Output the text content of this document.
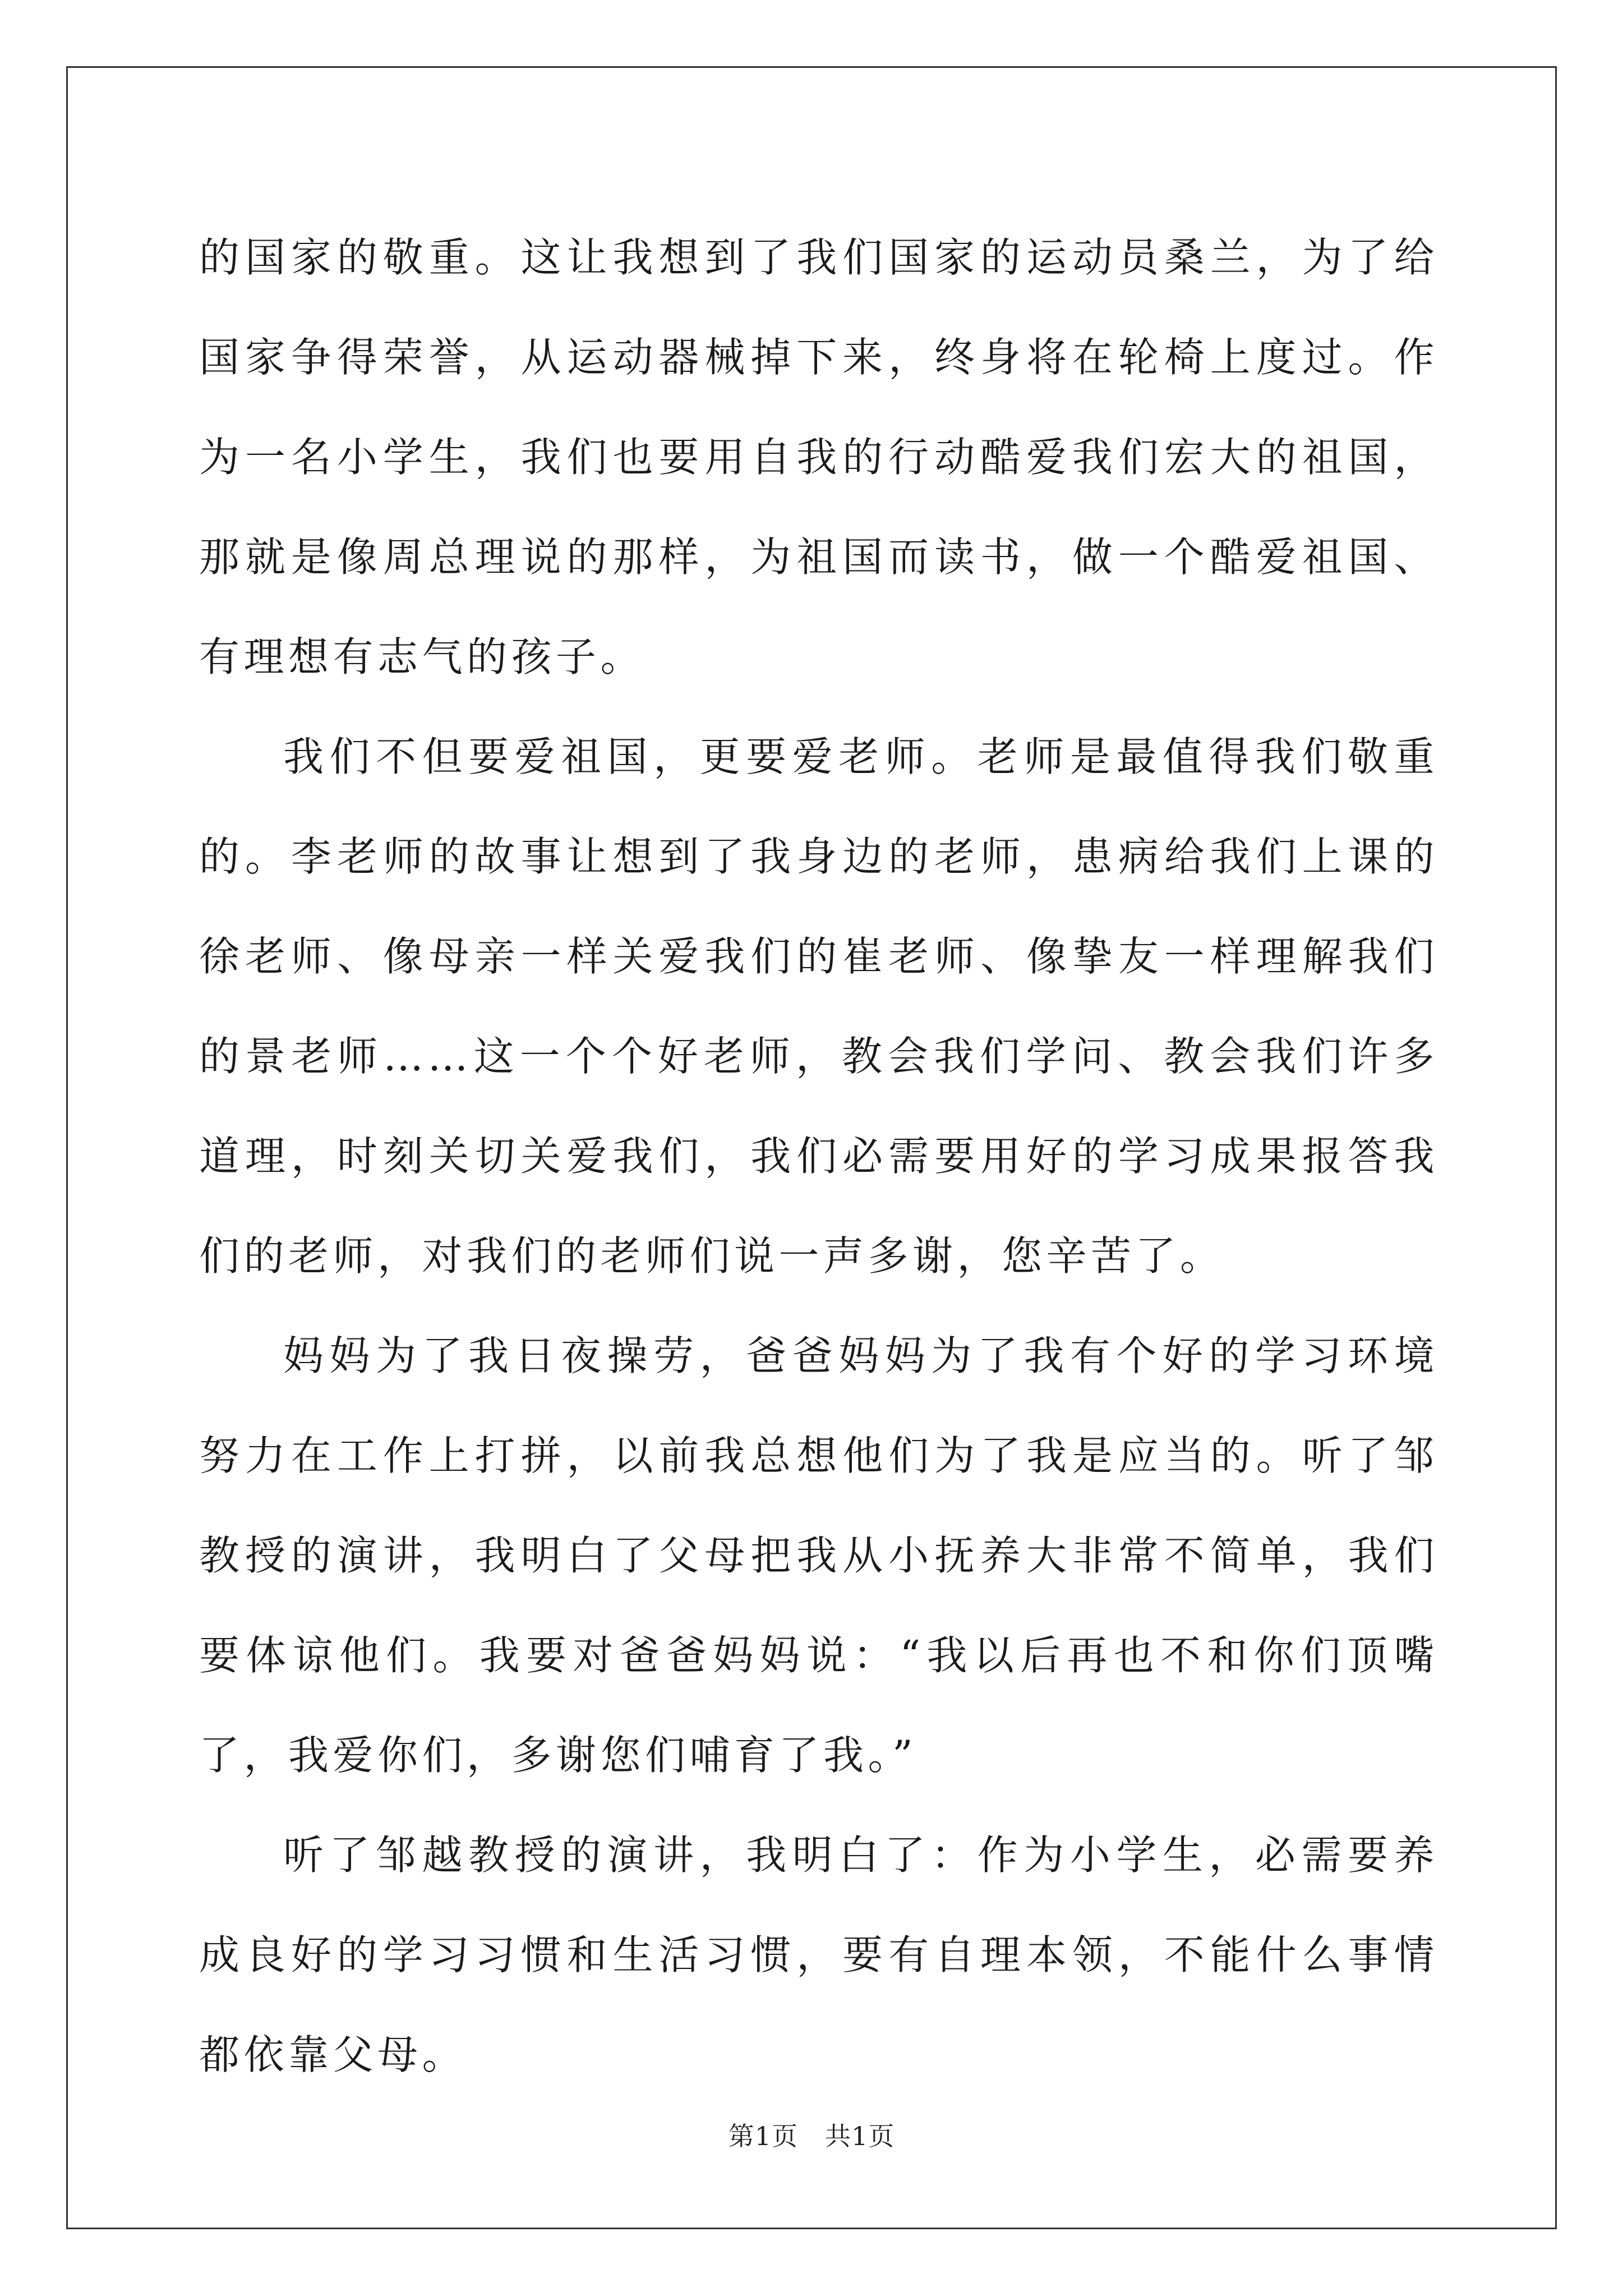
的国家的敬重。这让我想到了我们国家的运动员桑兰，为了给国家争得荣誉，从运动器械掉下来，终身将在轮椅上度过。作为一名小学生，我们也要用自我的行动酷爱我们宏大的祖国，那就是像周总理说的那样，为祖国而读书，做一个酷爱祖国、有理想有志气的孩子。

我们不但要爱祖国，更要爱老师。老师是最值得我们敬重的。李老师的故事让想到了我身边的老师，患病给我们上课的徐老师、像母亲一样关爱我们的崔老师、像挚友一样理解我们的景老师……这一个个好老师，教会我们学问、教会我们许多道理，时刻关切关爱我们，我们必需要用好的学习成果报答我们的老师，对我们的老师们说一声多谢，您辛苦了。

妈妈为了我日夜操劳，爸爸妈妈为了我有个好的学习环境努力在工作上打拼，以前我总想他们为了我是应当的。听了邹教授的演讲，我明白了父母把我从小抚养大非常不简单，我们要体谅他们。我要对爸爸妈妈说：“我以后再也不和你们顶嘴了，我爱你们，多谢您们哺育了我。”

听了邹越教授的演讲，我明白了：作为小学生，必需要养成良好的学习习惯和生活习惯，要有自理本领，不能什么事情都依靠父母。

第1页 共1页
